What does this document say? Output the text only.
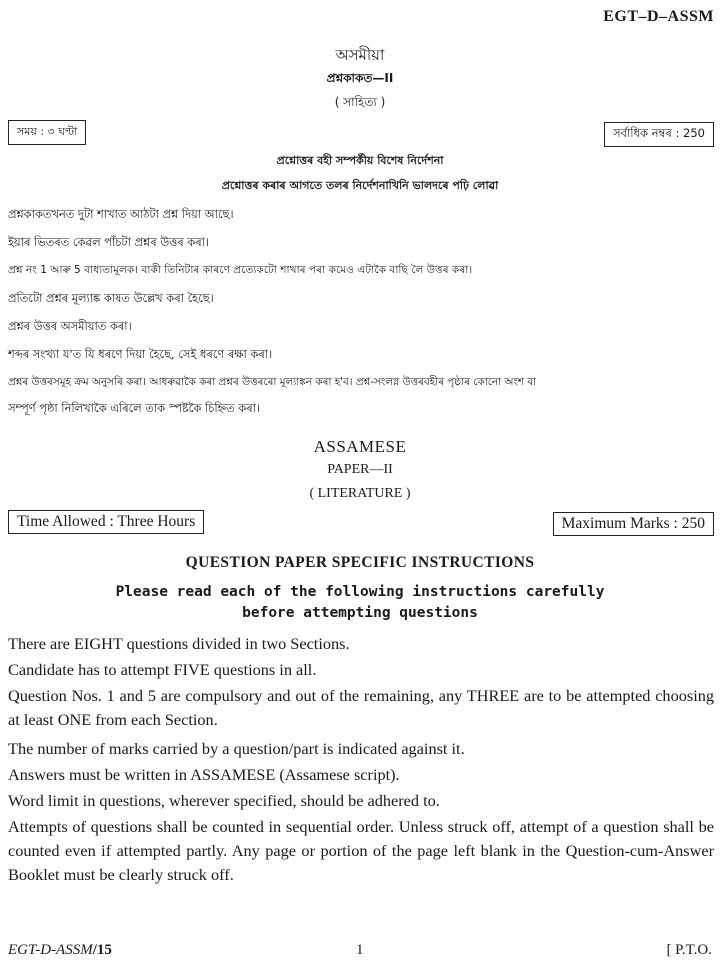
EGT–D–ASSM
অসমীয়া
প্ৰশ্নকাকত—II
( সাহিত্য )
সময় : ৩ ঘণ্টা	সৰ্বাধিক নম্বৰ : 250
প্ৰশ্নোত্তৰ বহী সম্পৰ্কীয় বিশেষ নিৰ্দেশনা
প্ৰশ্নোত্তৰ কৰাৰ আগতে তলৰ নিৰ্দেশনাখিনি ভালদৰে পঢ়ি লোৱা
প্ৰশ্নকাকতখনত দুটা শাখাত আঠটা প্ৰশ্ন দিয়া আছে।
ইয়াৰ ভিতৰত কেৱল পাঁচটা প্ৰশ্নৰ উত্তৰ কৰা।
প্ৰশ্ন নং 1 আৰু 5 বাধ্যতামূলক। বাকী তিনিটাৰ কাৰণে প্ৰত্যেকটো শাখাৰ পৰা কমেও এটাকৈ বাছি লৈ উত্তৰ কৰা।
প্ৰতিটো প্ৰশ্নৰ মূল্যাঙ্ক কাষত উল্লেখ কৰা হৈছে।
প্ৰশ্নৰ উত্তৰ অসমীয়াত কৰা।
শব্দৰ সংখ্যা য'ত যি ধৰণে দিয়া হৈছে, সেই ধৰণে ৰক্ষা কৰা।
প্ৰশ্নৰ উত্তৰসমূহ ক্ৰম অনুসৰি কৰা। আধৰুৱাকৈ কৰা প্ৰশ্নৰ উত্তৰৰো মূল্যাঙ্কন কৰা হ'ব। প্ৰশ্ন-সংলগ্ন উত্তৰবহীৰ পৃষ্ঠাৰ কোনো অংশ বা
সম্পূৰ্ণ পৃষ্ঠা নিলিখাকৈ এৰিলে তাক স্পষ্টকৈ চিহ্নিত কৰা।
ASSAMESE
PAPER—II
( LITERATURE )
Time Allowed : Three Hours	Maximum Marks : 250
QUESTION PAPER SPECIFIC INSTRUCTIONS
Please read each of the following instructions carefully
before attempting questions
There are EIGHT questions divided in two Sections.
Candidate has to attempt FIVE questions in all.
Question Nos. 1 and 5 are compulsory and out of the remaining, any THREE are to be attempted choosing at least ONE from each Section.
The number of marks carried by a question/part is indicated against it.
Answers must be written in ASSAMESE (Assamese script).
Word limit in questions, wherever specified, should be adhered to.
Attempts of questions shall be counted in sequential order. Unless struck off, attempt of a question shall be counted even if attempted partly. Any page or portion of the page left blank in the Question-cum-Answer Booklet must be clearly struck off.
EGT-D-ASSM/15	1	[ P.T.O.
